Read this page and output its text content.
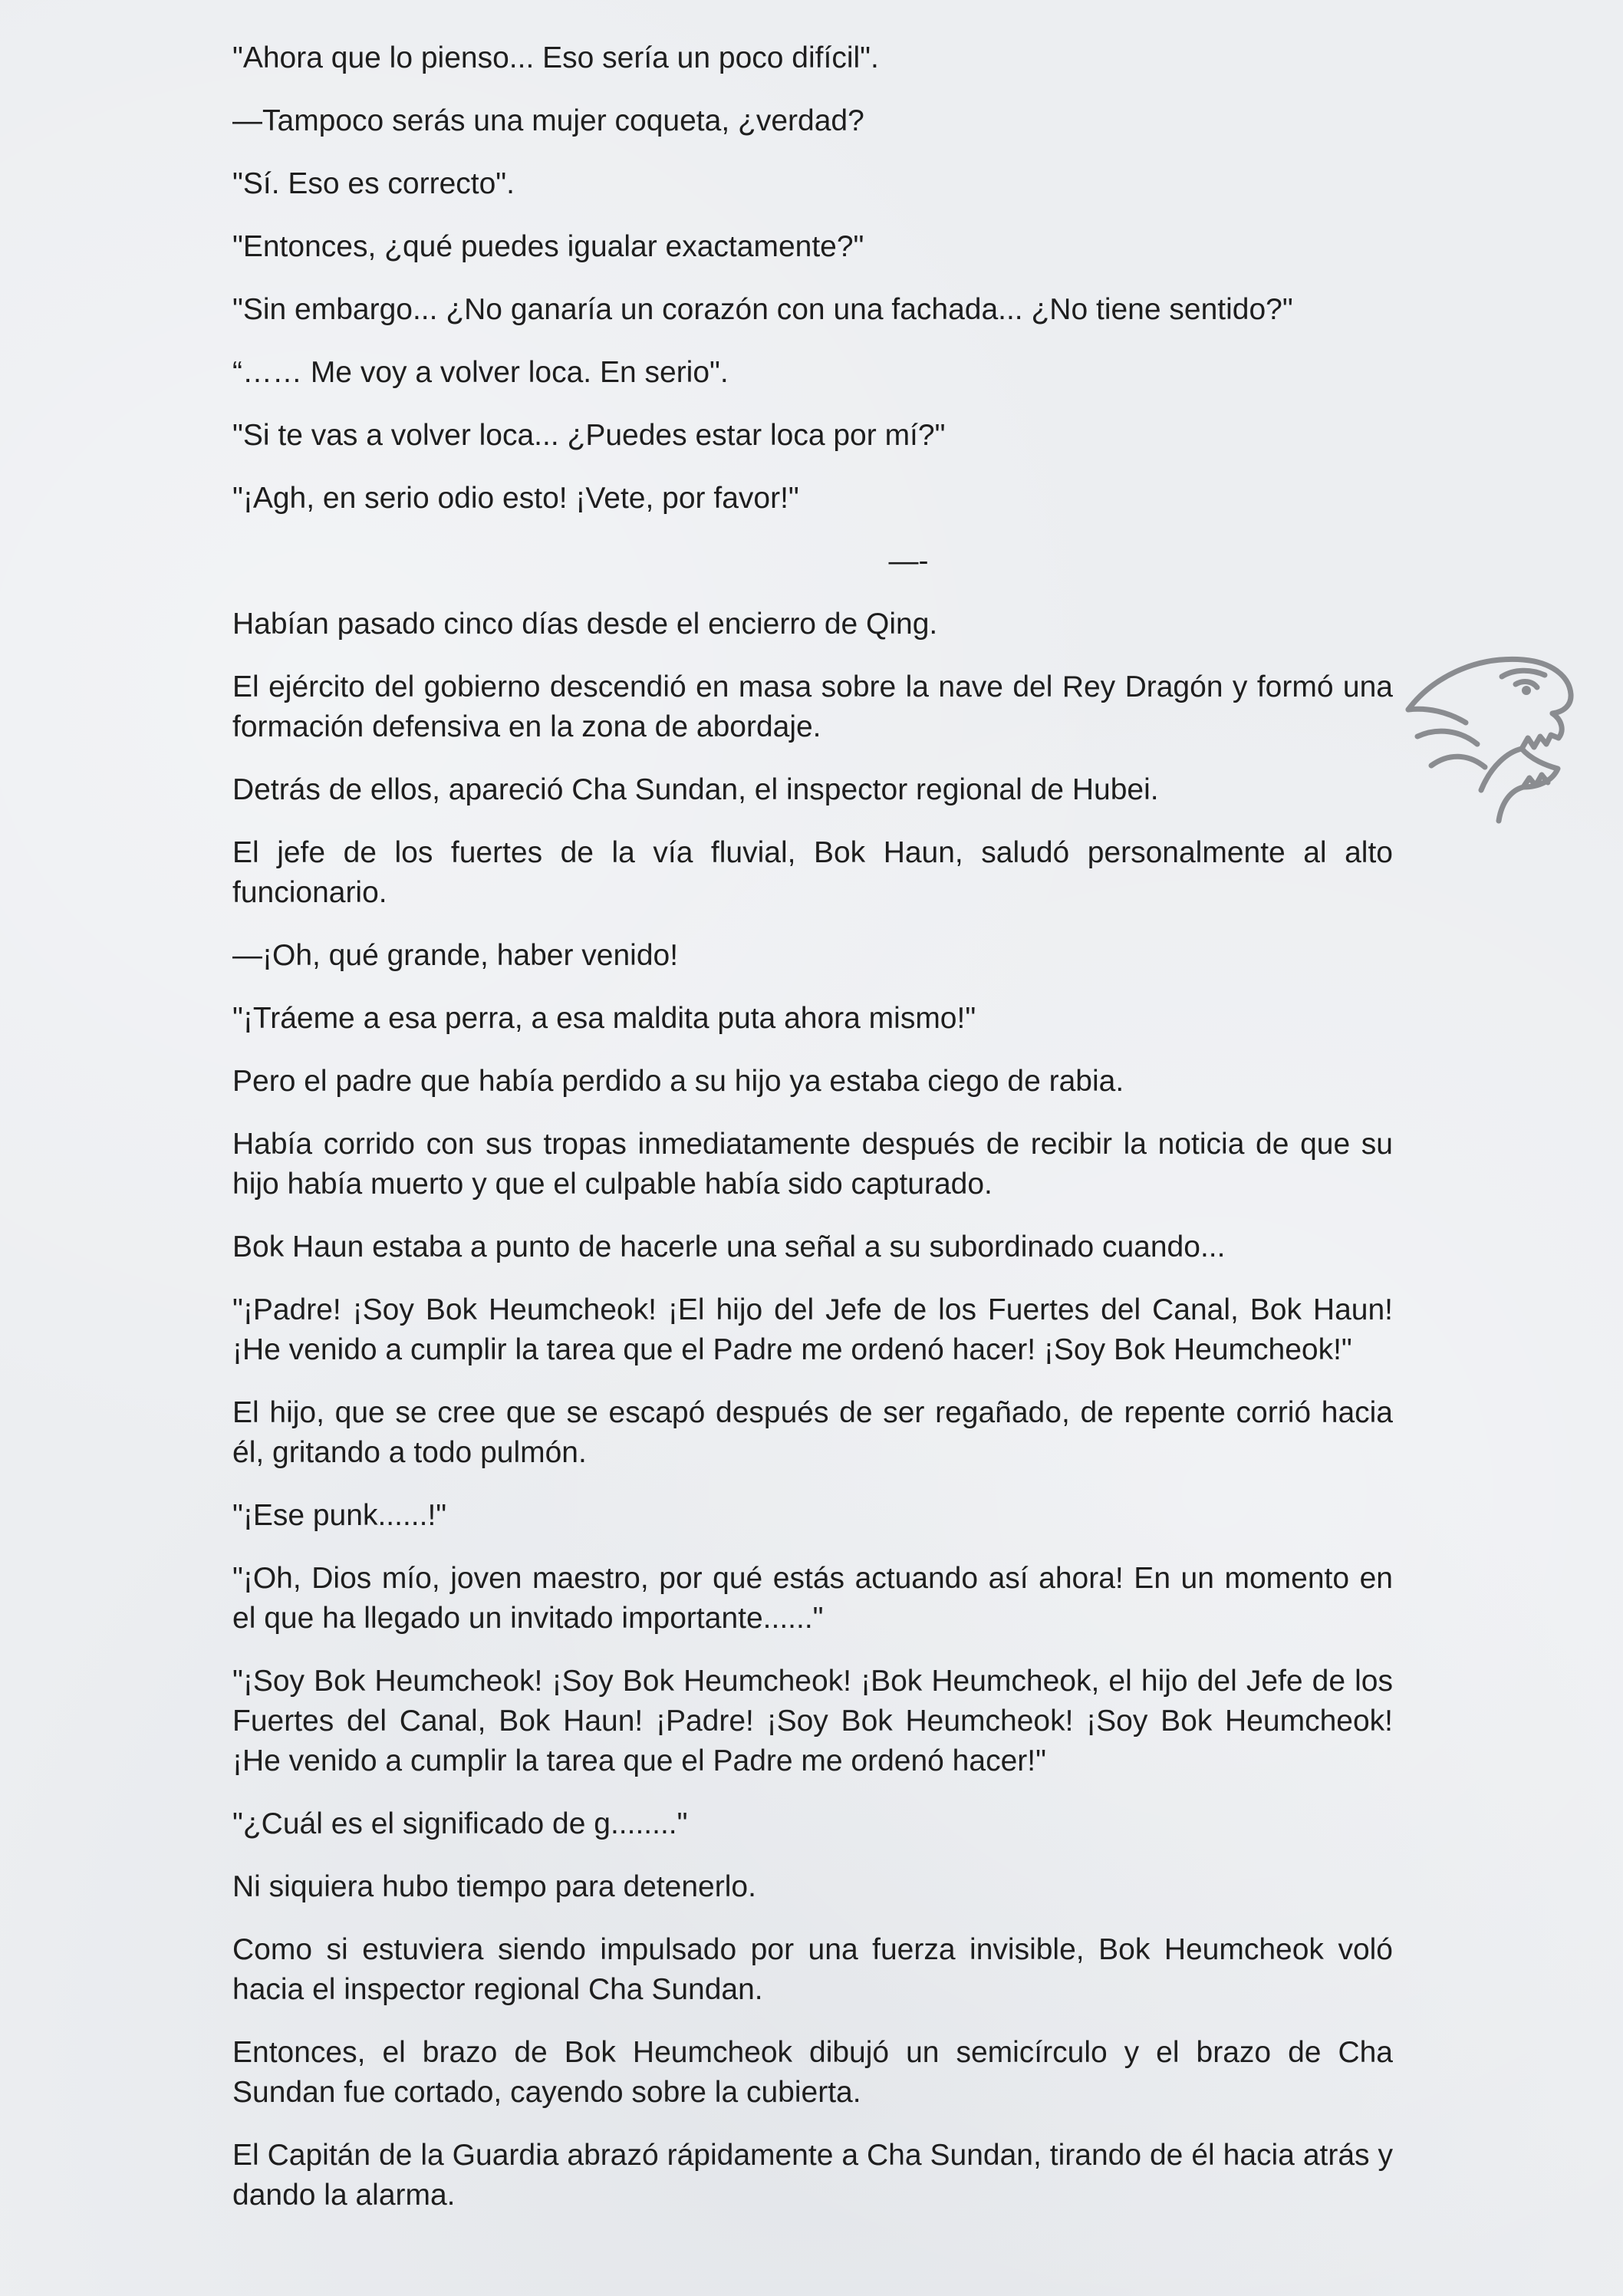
"Ahora que lo pienso... Eso sería un poco difícil".

—Tampoco serás una mujer coqueta, ¿verdad?

"Sí. Eso es correcto".

"Entonces, ¿qué puedes igualar exactamente?"

"Sin embargo... ¿No ganaría un corazón con una fachada... ¿No tiene sentido?"

“…… Me voy a volver loca. En serio".

"Si te vas a volver loca... ¿Puedes estar loca por mí?"

"¡Agh, en serio odio esto! ¡Vete, por favor!"

—-

Habían pasado cinco días desde el encierro de Qing.

El ejército del gobierno descendió en masa sobre la nave del Rey Dragón y formó una formación defensiva en la zona de abordaje.

Detrás de ellos, apareció Cha Sundan, el inspector regional de Hubei.

El jefe de los fuertes de la vía fluvial, Bok Haun, saludó personalmente al alto funcionario.

—¡Oh, qué grande, haber venido!

"¡Tráeme a esa perra, a esa maldita puta ahora mismo!"

Pero el padre que había perdido a su hijo ya estaba ciego de rabia.

Había corrido con sus tropas inmediatamente después de recibir la noticia de que su hijo había muerto y que el culpable había sido capturado.

Bok Haun estaba a punto de hacerle una señal a su subordinado cuando...

"¡Padre! ¡Soy Bok Heumcheok! ¡El hijo del Jefe de los Fuertes del Canal, Bok Haun! ¡He venido a cumplir la tarea que el Padre me ordenó hacer! ¡Soy Bok Heumcheok!"

El hijo, que se cree que se escapó después de ser regañado, de repente corrió hacia él, gritando a todo pulmón.

"¡Ese punk......!"

"¡Oh, Dios mío, joven maestro, por qué estás actuando así ahora! En un momento en el que ha llegado un invitado importante......"

"¡Soy Bok Heumcheok! ¡Soy Bok Heumcheok! ¡Bok Heumcheok, el hijo del Jefe de los Fuertes del Canal, Bok Haun! ¡Padre! ¡Soy Bok Heumcheok! ¡Soy Bok Heumcheok! ¡He venido a cumplir la tarea que el Padre me ordenó hacer!"

"¿Cuál es el significado de g........"

Ni siquiera hubo tiempo para detenerlo.

Como si estuviera siendo impulsado por una fuerza invisible, Bok Heumcheok voló hacia el inspector regional Cha Sundan.

Entonces, el brazo de Bok Heumcheok dibujó un semicírculo y el brazo de Cha Sundan fue cortado, cayendo sobre la cubierta.

El Capitán de la Guardia abrazó rápidamente a Cha Sundan, tirando de él hacia atrás y dando la alarma.
